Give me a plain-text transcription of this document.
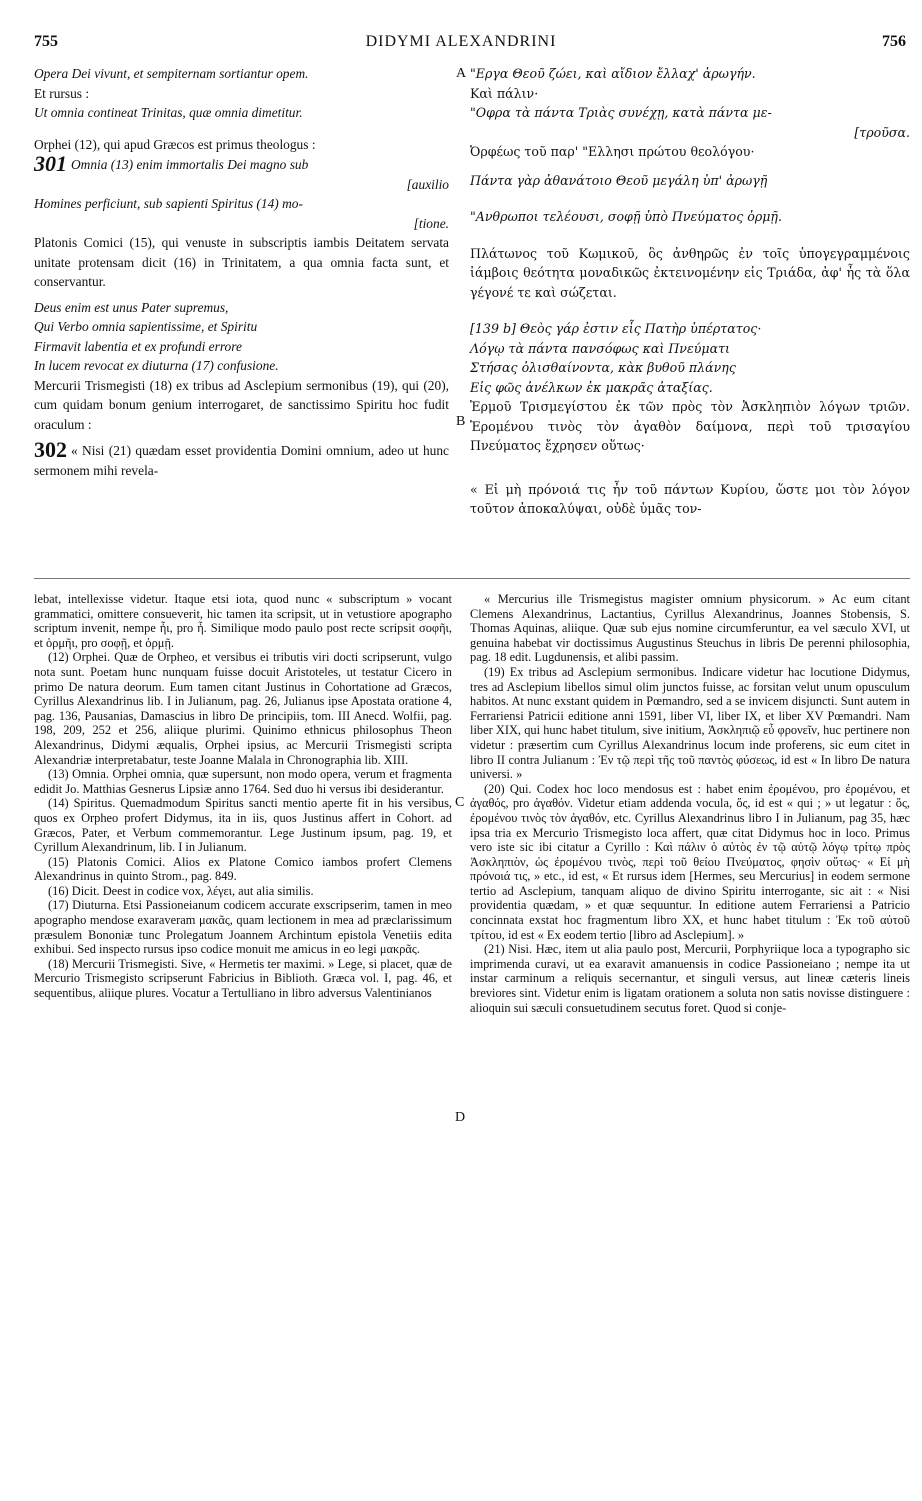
755	DIDYMI ALEXANDRINI	756
A
B
C
D

Opera Dei vivunt, et sempiternam sortiantur opem.

Et rursus :

Ut omnia contineat Trinitas, quæ omnia dimetitur.

Orphei (12), qui apud Græcos est primus theologus :

301 Omnia (13) enim immortalis Dei magno sub

[auxilio

Homines perficiunt, sub sapienti Spiritus (14) mo-

[tione.

Platonis Comici (15), qui venuste in subscriptis iambis Deitatem servata unitate protensam dicit (16) in Trinitatem, a qua omnia facta sunt, et conservantur.

Deus enim est unus Pater supremus,

Qui Verbo omnia sapientissime, et Spiritu

Firmavit labentia et ex profundi errore

In lucem revocat ex diuturna (17) confusione.

Mercurii Trismegisti (18) ex tribus ad Asclepium sermonibus (19), qui (20), cum quidam bonum genium interrogaret, de sanctissimo Spiritu hoc fudit oraculum :

302 « Nisi (21) quædam esset providentia Domini omnium, adeo ut hunc sermonem mihi revela-

"Εργα Θεοῦ ζώει, καὶ αἴδιον ἔλλαχ' ἀρωγήν.

Καὶ πάλιν·

"Οφρα τὰ πάντα Τριὰς συνέχῃ, κατὰ πάντα με-

[τροῦσα.

Ὀρφέως τοῦ παρ' "Ελλησι πρώτου θεολόγου·

Πάντα γὰρ ἀθανάτοιο Θεοῦ μεγάλη ὑπ' ἀρωγῇ

"Ανθρωποι τελέουσι, σοφῇ ὑπὸ Πνεύματος ὁρμῇ.

Πλάτωνος τοῦ Κωμικοῦ, ὃς ἀνθηρῶς ἐν τοῖς ὑπογεγραμμένοις ἰάμβοις θεότητα μοναδικῶς ἐκτεινομένην εἰς Τριάδα, ἀφ' ἧς τὰ ὅλα γέγονέ τε καὶ σώζεται.

[139 b] Θεὸς γάρ ἐστιν εἷς Πατὴρ ὑπέρτατος·

Λόγῳ τὰ πάντα πανσόφως καὶ Πνεύματι

Στήσας ὀλισθαίνοντα, κὰκ βυθοῦ πλάνης

Εἰς φῶς ἀνέλκων ἐκ μακρᾶς ἀταξίας.

Ἑρμοῦ Τρισμεγίστου ἐκ τῶν πρὸς τὸν Ἀσκληπιὸν λόγων τριῶν. Ἐρομένου τινὸς τὸν ἀγαθὸν δαίμονα, περὶ τοῦ τρισαγίου Πνεύματος ἔχρησεν οὕτως·

« Εἰ μὴ πρόνοιά τις ἦν τοῦ πάντων Κυρίου, ὥστε μοι τὸν λόγον τοῦτον ἀποκαλύψαι, οὐδὲ ὑμᾶς τον-

lebat, intellexisse videtur. Itaque etsi iota, quod nunc « subscriptum » vocant grammatici, omittere consueverit, hic tamen ita scripsit, ut in vetustiore apographo scriptum invenit, nempe ἦι, pro ἦ. Similique modo paulo post recte scripsit σοφῆι, et ὁρμῆι, pro σοφῇ, et ὁρμῇ.

(12) Orphei. Quæ de Orpheo, et versibus ei tributis viri docti scripserunt, vulgo nota sunt. Poetam hunc nunquam fuisse docuit Aristoteles, ut testatur Cicero in primo De natura deorum. Eum tamen citant Justinus in Cohortatione ad Græcos, Cyrillus Alexandrinus lib. I in Julianum, pag. 26, Julianus ipse Apostata oratione 4, pag. 136, Pausanias, Damascius in libro De principiis, tom. III Anecd. Wolfii, pag. 198, 209, 252 et 256, aliique plurimi. Quinimo ethnicus philosophus Theon Alexandrinus, Didymi æqualis, Orphei ipsius, ac Mercurii Trismegisti scripta Alexandriæ interpretabatur, teste Joanne Malala in Chronographia lib. XIII.

(13) Omnia. Orphei omnia, quæ supersunt, non modo opera, verum et fragmenta edidit Jo. Matthias Gesnerus Lipsiæ anno 1764. Sed duo hi versus ibi desiderantur.

(14) Spiritus. Quemadmodum Spiritus sancti mentio aperte fit in his versibus, quos ex Orpheo profert Didymus, ita in iis, quos Justinus affert in Cohort. ad Græcos, Pater, et Verbum commemorantur. Lege Justinum ipsum, pag. 19, et Cyrillum Alexandrinum, lib. I in Julianum.

(15) Platonis Comici. Alios ex Platone Comico iambos profert Clemens Alexandrinus in quinto Strom., pag. 849.

(16) Dicit. Deest in codice vox, λέγει, aut alia similis.

(17) Diuturna. Etsi Passioneianum codicem accurate exscripserim, tamen in meo apographo mendose exaraveram μακᾶς, quam lectionem in mea ad præclarissimum præsulem Bononiæ tunc Prolegatum Joannem Archintum epistola Venetiis edita exhibui. Sed inspecto rursus ipso codice monuit me amicus in eo legi μακρᾶς.

(18) Mercurii Trismegisti. Sive, « Hermetis ter maximi. » Lege, si placet, quæ de Mercurio Trismegisto scripserunt Fabricius in Biblioth. Græca vol. I, pag. 46, et sequentibus, aliique plures. Vocatur a Tertulliano in libro adversus Valentinianos

« Mercurius ille Trismegistus magister omnium physicorum. » Ac eum citant Clemens Alexandrinus, Lactantius, Cyrillus Alexandrinus, Joannes Stobensis, S. Thomas Aquinas, aliique. Quæ sub ejus nomine circumferuntur, ea vel sæculo XVI, ut genuina habebat vir doctissimus Augustinus Steuchus in libris De perenni philosophia, pag. 18 edit. Lugdunensis, et alibi passim.

(19) Ex tribus ad Asclepium sermonibus. Indicare videtur hac locutione Didymus, tres ad Asclepium libellos simul olim junctos fuisse, ac forsitan velut unum opusculum habitos. At nunc exstant quidem in Pœmandro, sed a se invicem disjuncti. Sunt autem in Ferrariensi Patricii editione anni 1591, liber VI, liber IX, et liber XV Pœmandri. Nam liber XIX, qui hunc habet titulum, sive initium, Ἀσκληπιῷ εὖ φρονεῖν, huc pertinere non videtur : præsertim cum Cyrillus Alexandrinus locum inde proferens, sic eum citet in libro II contra Julianum : Ἐν τῷ περὶ τῆς τοῦ παντὸς φύσεως, id est « In libro De natura universi. »

(20) Qui. Codex hoc loco mendosus est : habet enim ἐρομένου, pro ἐρομένου, et ἀγαθός, pro ἀγαθόν. Videtur etiam addenda vocula, ὅς, id est « qui ; » ut legatur : ὅς, ἐρομένου τινὸς τὸν ἀγαθόν, etc. Cyrillus Alexandrinus libro I in Julianum, pag 35, hæc ipsa tria ex Mercurio Trismegisto loca affert, quæ citat Didymus hoc in loco. Primus vero iste sic ibi citatur a Cyrillo : Καὶ πάλιν ὁ αὐτὸς ἐν τῷ αὐτῷ λόγῳ τρίτῳ πρὸς Ἀσκληπιὸν, ὡς ἐρομένου τινὸς, περὶ τοῦ θείου Πνεύματος, φησὶν οὕτως· « Εἰ μὴ πρόνοιά τις, » etc., id est, « Et rursus idem [Hermes, seu Mercurius] in eodem sermone tertio ad Asclepium, tanquam aliquo de divino Spiritu interrogante, sic ait : « Nisi providentia quædam, » et quæ sequuntur. In editione autem Ferrariensi a Patricio concinnata exstat hoc fragmentum libro XX, et hunc habet titulum : Ἐκ τοῦ αὐτοῦ τρίτου, id est « Ex eodem tertio [libro ad Asclepium]. »

(21) Nisi. Hæc, item ut alia paulo post, Mercurii, Porphyriique loca a typographo sic imprimenda curavi, ut ea exaravit amanuensis in codice Passioneiano ; nempe ita ut instar carminum a reliquis secernantur, et singuli versus, aut lineæ cæteris lineis breviores sint. Videtur enim is ligatam orationem a soluta non satis novisse distinguere : alioquin sui sæculi consuetudinem secutus foret. Quod si conje-
